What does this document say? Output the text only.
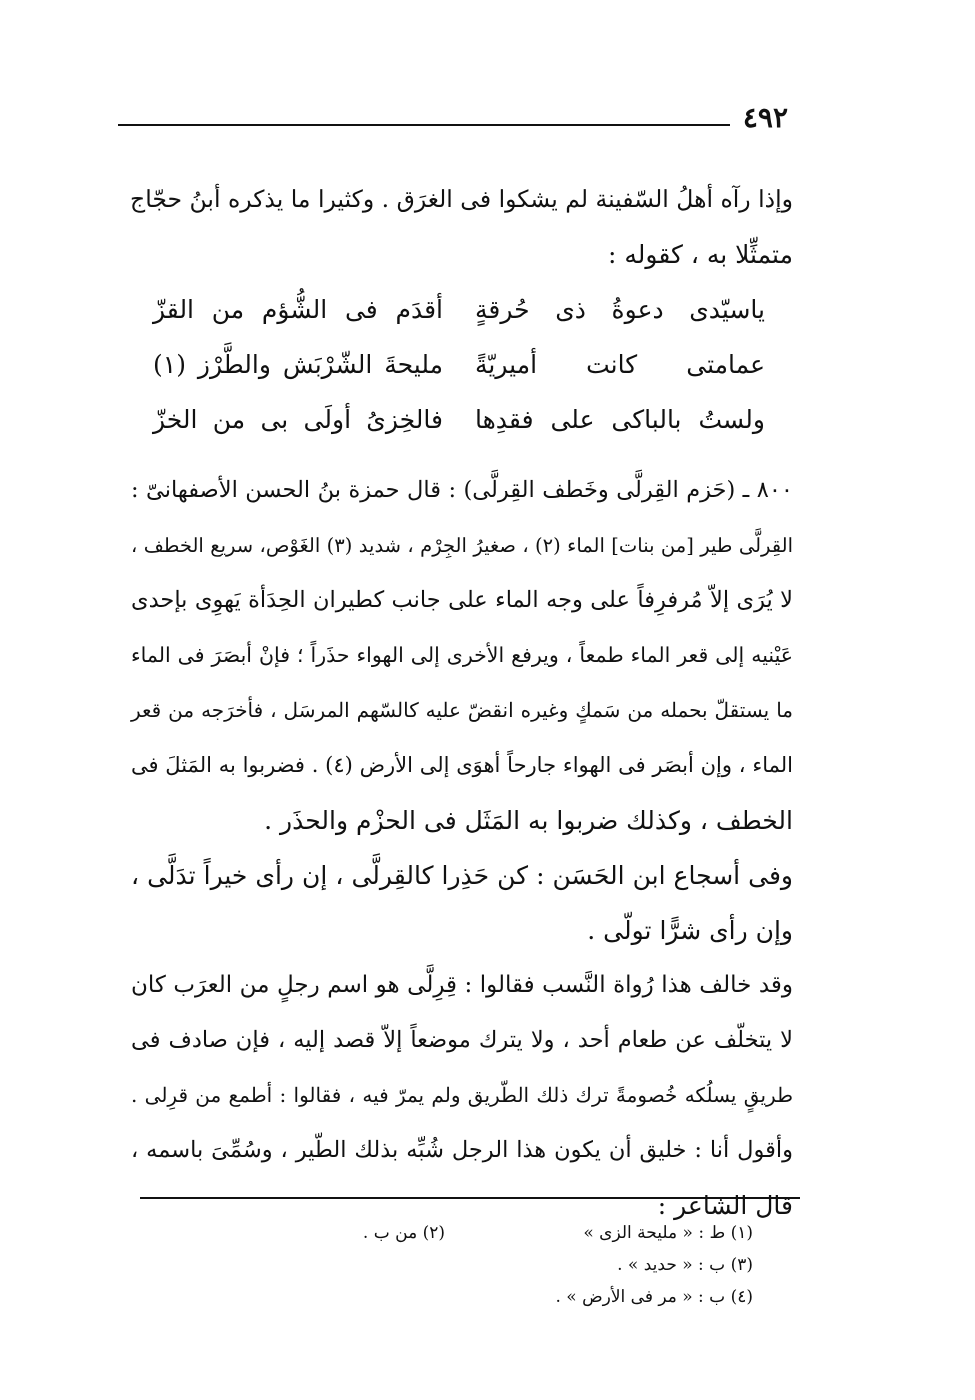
٤٩٢
وإذا رآه أهلُ السّفينة لم يشكوا فى الغرَق . وكثيرا ما يذكره أبنُ حجّاج
متمثِّلا به ، كقوله :
ياسيّدى دعوةُ ذى حُرقةٍ
أقدَم فى الشُّؤم من القزّ
عمامتى كانت أميريّةً
مليحةَ الشّرْبَش والطَّرْز (١)
ولستُ بالباكى على فقدِها
فالخِزىُ أولَى بى من الخزّ
٨٠٠ ـ (حَزم القِرلَّى وخَطف القِرلَّى) : قال حمزة بنُ الحسن الأصفهانىّ :
القِرلَّى طير [من بنات] الماء (٢) ، صغيرُ الجِرْم ، شديد (٣) الغَوْص، سريع الخطف ،
لا يُرَى إلاّ مُرفرِفاً على وجه الماء على جانب كطيران الحِدَأة يَهوِى بإحدى
عَيْنيه إلى قعر الماء طمعاً ، ويرفع الأخرى إلى الهواء حذَراً ؛ فإنْ أبصَرَ فى الماء
ما يستقلّ بحمله من سَمكٍ وغيره انقضّ عليه كالسّهم المرسَل ، فأخرَجه من قعر
الماء ، وإن أبصَر فى الهواء جارحاً أهوَى إلى الأرض (٤) . فضربوا به المَثلَ فى
الخطف ، وكذلك ضربوا به المَثَل فى الحزْم والحذَر .
وفى أسجاع ابن الحَسَن : كن حَذِرا كالقِرلَّى ، إن رأى خيراً تدَلَّى ،
وإن رأى شرًّا تولّى .
وقد خالف هذا رُواة النَّسب فقالوا : قِرِلَّى هو اسم رجلٍ من العرَب كان
لا يتخلّف عن طعام أحد ، ولا يترك موضعاً إلاّ قصد إليه ، فإن صادف فى
طريقٍ يسلُكه خُصومةً ترك ذلك الطّريق ولم يمرّ فيه ، فقالوا : أطمع من قرِلى .
وأقول أنا : خليق أن يكون هذا الرجل شُبِّه بذلك الطّير ، وسُمِّىَ باسمه ،
قال الشاعر :
(١) ط : « مليحة الزى »
(٢) من ب .
(٣) ب : « حديد » .
(٤) ب : « مر فى الأرض » .
